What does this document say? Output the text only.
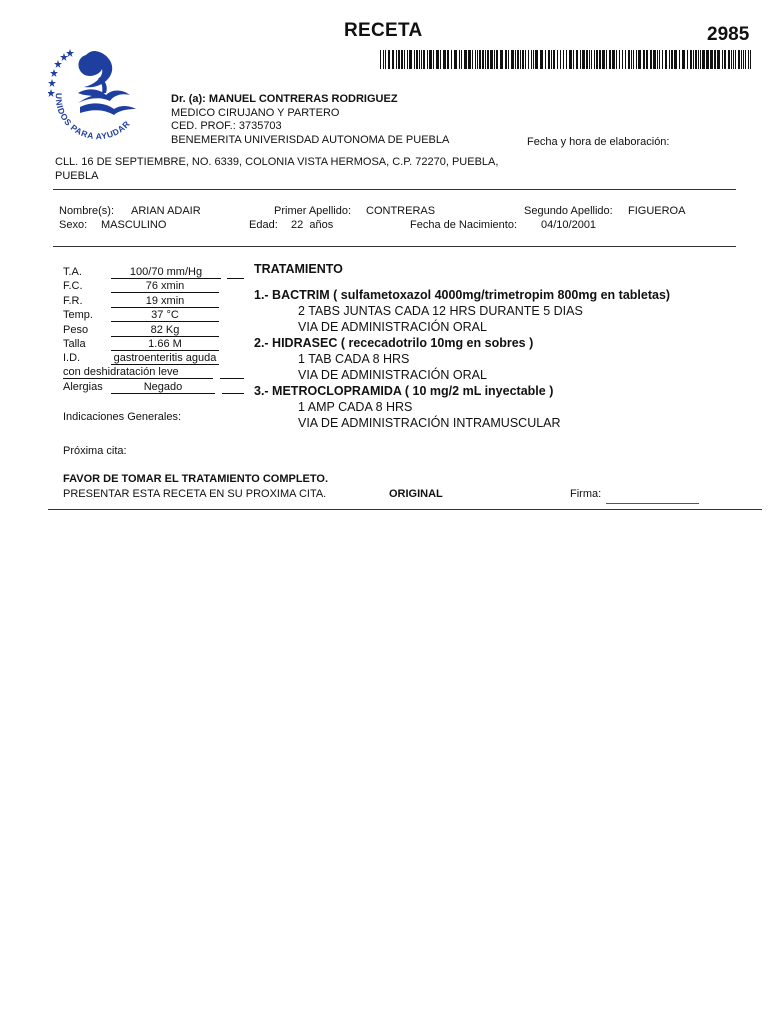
RECETA	2985
UNIDOS PARA AYUDAR
Dr. (a): MANUEL CONTRERAS RODRIGUEZ
MEDICO CIRUJANO Y PARTERO
CED. PROF.: 3735703
BENEMERITA UNIVERISDAD AUTONOMA DE PUEBLA	Fecha y hora de elaboración:
CLL. 16 DE SEPTIEMBRE, NO. 6339, COLONIA VISTA HERMOSA, C.P. 72270, PUEBLA,
PUEBLA
Nombre(s): ARIAN ADAIR	Primer Apellido: CONTRERAS	Segundo Apellido: FIGUEROA
Sexo: MASCULINO	Edad: 22  años	Fecha de Nacimiento: 04/10/2001
T.A.	100/70 mm/Hg
F.C.	76 xmin
F.R.	19 xmin
Temp.	37 °C
Peso	82 Kg
Talla	1.66 M
I.D.	gastroenteritis aguda
con deshidratación leve
Alergias	Negado
Indicaciones Generales:
Próxima cita:
TRATAMIENTO
1.- BACTRIM ( sulfametoxazol 4000mg/trimetropim 800mg en tabletas)
2 TABS JUNTAS CADA 12 HRS DURANTE 5 DIAS
VIA DE ADMINISTRACIÓN ORAL
2.- HIDRASEC ( rececadotrilo 10mg en sobres )
1 TAB CADA 8 HRS
VIA DE ADMINISTRACIÓN ORAL
3.- METROCLOPRAMIDA ( 10 mg/2 mL inyectable )
1 AMP CADA 8 HRS
VIA DE ADMINISTRACIÓN INTRAMUSCULAR
FAVOR DE TOMAR EL TRATAMIENTO COMPLETO.
PRESENTAR ESTA RECETA EN SU PROXIMA CITA.	ORIGINAL	Firma:
